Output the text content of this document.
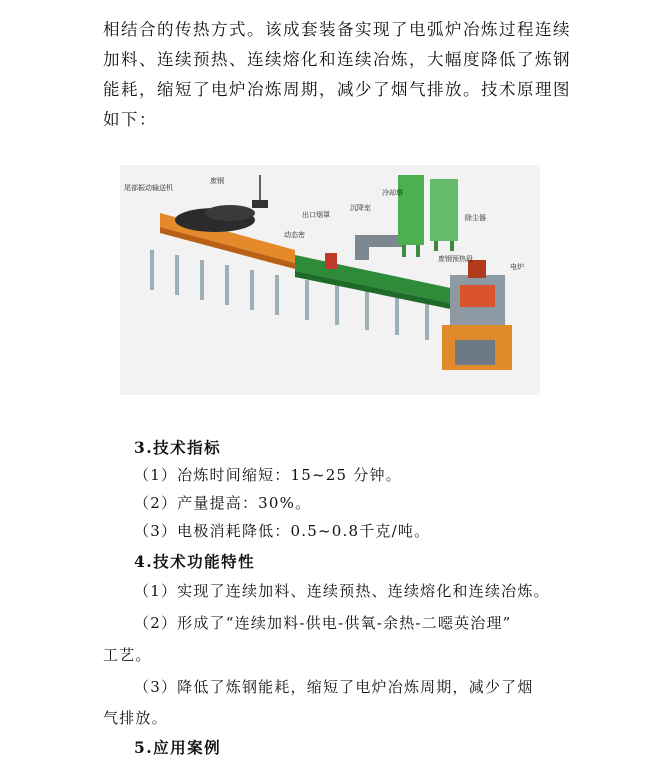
相结合的传热方式。该成套装备实现了电弧炉冶炼过程连续
加料、连续预热、连续熔化和连续冶炼，大幅度降低了炼钢
能耗，缩短了电炉冶炼周期，减少了烟气排放。技术原理图
如下：

尾部振动输送机
废钢
出口烟罩
动态密
沉降室
冷却塔
除尘器
废钢预热段
电炉
3.技术指标

（1）冶炼时间缩短：15~25 分钟。

（2）产量提高：30%。

（3）电极消耗降低：0.5~0.8千克/吨。

4.技术功能特性

（1）实现了连续加料、连续预热、连续熔化和连续冶炼。

（2）形成了“连续加料-供电-供氧-余热-二噁英治理”

工艺。

（3）降低了炼钢能耗，缩短了电炉冶炼周期，减少了烟

气排放。

5.应用案例
